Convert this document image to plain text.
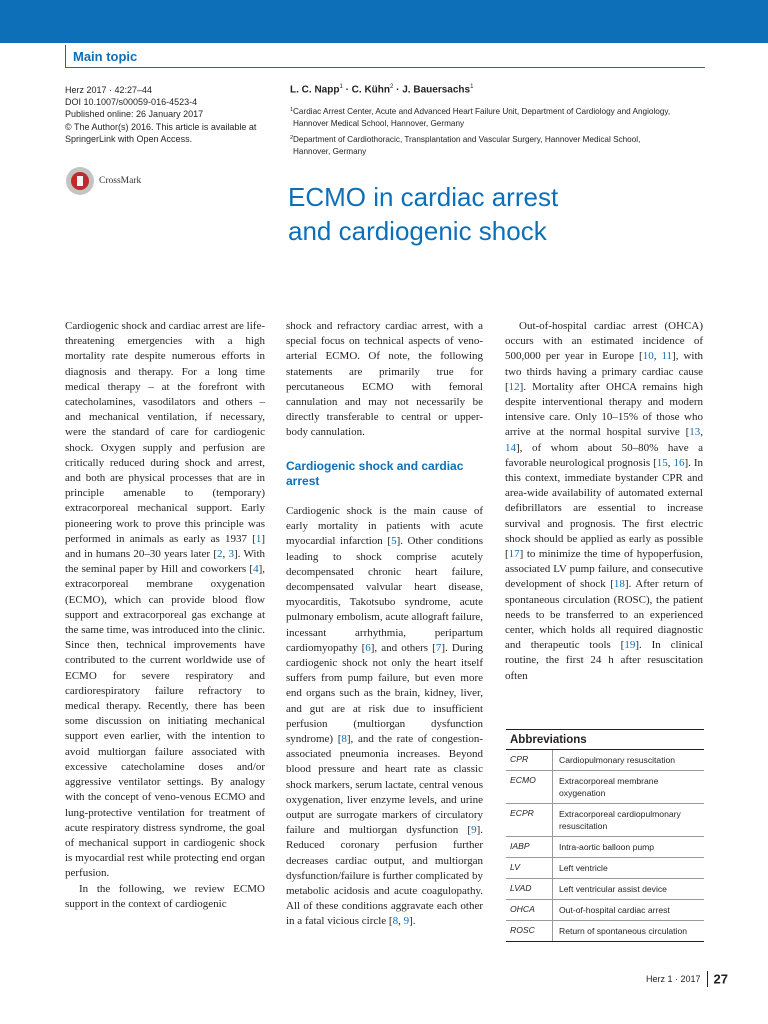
Main topic
Herz 2017 · 42:27–44
DOI 10.1007/s00059-016-4523-4
Published online: 26 January 2017
© The Author(s) 2016. This article is available at
SpringerLink with Open Access.
CrossMark
L. C. Napp$^1$ · C. Kühn$^2$ · J. Bauersachs$^1$
1 Cardiac Arrest Center, Acute and Advanced Heart Failure Unit, Department of Cardiology and Angiology,
Hannover Medical School, Hannover, Germany
2 Department of Cardiothoracic, Transplantation and Vascular Surgery, Hannover Medical School,
Hannover, Germany
ECMO in cardiac arrest
and cardiogenic shock

Cardiogenic shock and cardiac arrest are life-threatening emergencies with a high mortality rate despite numerous efforts in diagnosis and therapy. For a long time medical therapy – at the forefront with catecholamines, vasodilators and others – and mechanical ventilation, if necessary, were the standard of care for cardiogenic shock. Oxygen supply and perfusion are critically reduced during shock and arrest, and both are physical processes that are in principle amenable to (temporary) extracorporeal mechanical support. Early pioneering work to prove this principle was performed in animals as early as 1937 [1] and in humans 20–30 years later [2, 3]. With the seminal paper by Hill and coworkers [4], extracorporeal membrane oxygenation (ECMO), which can provide blood flow support and extracorporeal gas exchange at the same time, was introduced into the clinic. Since then, technical improvements have contributed to the current worldwide use of ECMO for severe respiratory and cardiorespiratory failure refractory to medical therapy. Recently, there has been some discussion on initiating mechanical support even earlier, with the intention to avoid multiorgan failure associated with excessive catecholamine doses and/or aggressive ventilator settings. By analogy with the concept of veno-venous ECMO and lung-protective ventilation for treatment of acute respiratory distress syndrome, the goal of mechanical support in cardiogenic shock is myocardial rest while protecting end organ perfusion.

In the following, we review ECMO support in the context of cardiogenic

shock and refractory cardiac arrest, with a special focus on technical aspects of veno-arterial ECMO. Of note, the following statements are primarily true for percutaneous ECMO with femoral cannulation and may not necessarily be directly transferable to central or upper-body cannulation.

Cardiogenic shock and cardiac arrest

Cardiogenic shock is the main cause of early mortality in patients with acute myocardial infarction [5]. Other conditions leading to shock comprise acutely decompensated chronic heart failure, decompensated valvular heart disease, myocarditis, Takotsubo syndrome, acute pulmonary embolism, acute allograft failure, incessant arrhythmia, peripartum cardiomyopathy [6], and others [7]. During cardiogenic shock not only the heart itself suffers from pump failure, but even more end organs such as the brain, kidney, liver, and gut are at risk due to insufficient perfusion (multiorgan dysfunction syndrome) [8], and the rate of congestion-associated pneumonia increases. Beyond blood pressure and heart rate as classic shock markers, serum lactate, central venous oxygenation, liver enzyme levels, and urine output are surrogate markers of circulatory failure and multiorgan dysfunction [9]. Reduced coronary perfusion further decreases cardiac output, and multiorgan dysfunction/failure is further complicated by metabolic acidosis and acute coagulopathy. All of these conditions aggravate each other in a fatal vicious circle [8, 9].

Out-of-hospital cardiac arrest (OHCA) occurs with an estimated incidence of 500,000 per year in Europe [10, 11], with two thirds having a primary cardiac cause [12]. Mortality after OHCA remains high despite interventional therapy and modern intensive care. Only 10–15% of those who arrive at the normal hospital survive [13, 14], of whom about 50–80% have a favorable neurological prognosis [15, 16]. In this context, immediate bystander CPR and area-wide availability of automated external defibrillators are essential to increase survival and prognosis. The first electric shock should be applied as early as possible [17] to minimize the time of hypoperfusion, associated LV pump failure, and consecutive development of shock [18]. After return of spontaneous circulation (ROSC), the patient needs to be transferred to an experienced center, which holds all required diagnostic and therapeutic tools [19]. In clinical routine, the first 24 h after resuscitation often

Abbreviations
CPR	Cardiopulmonary resuscitation
ECMO	Extracorporeal membrane oxygenation
ECPR	Extracorporeal cardiopulmonary resuscitation
IABP	Intra-aortic balloon pump
LV	Left ventricle
LVAD	Left ventricular assist device
OHCA	Out-of-hospital cardiac arrest
ROSC	Return of spontaneous circulation
Herz 1 · 2017 27
